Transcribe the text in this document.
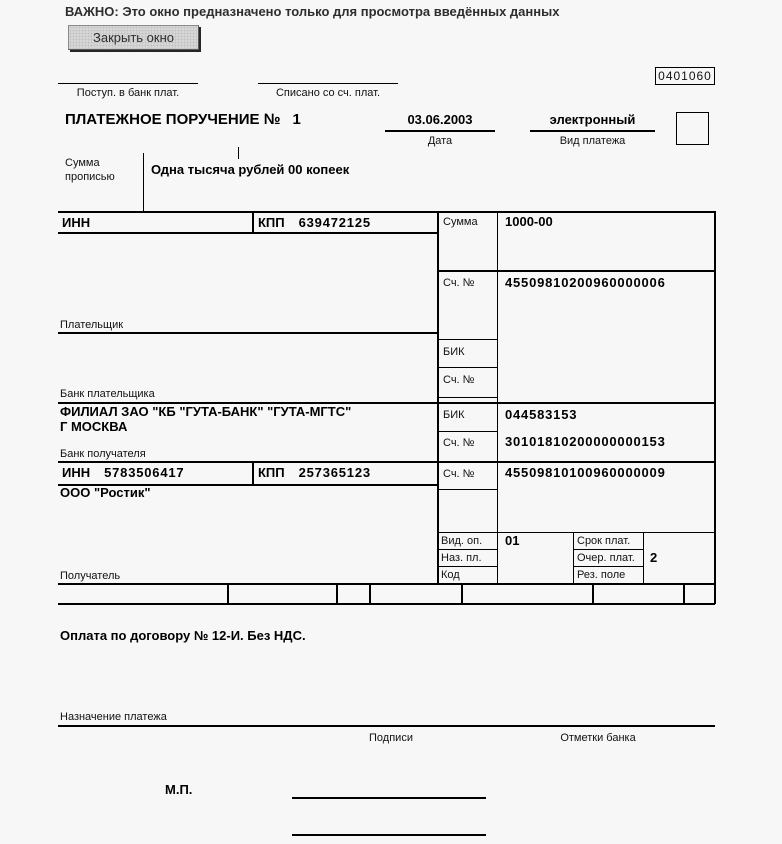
ВАЖНО: Это окно предназначено только для просмотра введённых данных
Закрыть окно
Поступ. в банк плат.	Списано со сч. плат.
0401060
ПЛАТЕЖНОЕ ПОРУЧЕНИЕ № 1	03.06.2003
Дата
электронный
Вид платежа
Сумма
прописью	Одна тысяча рублей 00 копеек
ИНН	КПП 639472125	Сумма 1000-00
Сч. № 45509810200960000006
Плательщик
БИК
Сч. №
Банк плательщика
ФИЛИАЛ ЗАО "КБ "ГУТА-БАНК" "ГУТА-МГТС"
Г МОСКВА
БИК	044583153
Сч. № 30101810200000000153
Банк получателя
ИНН 5783506417	КПП 257365123	Сч. № 45509810100960000009
ООО "Ростик"
Вид. оп. 01
Наз. пл.
Код
Срок плат.
Очер. плат. 2
Рез. поле
Получатель
Оплата по договору № 12-И. Без НДС.
Назначение платежа
Подписи	Отметки банка
М.П.
